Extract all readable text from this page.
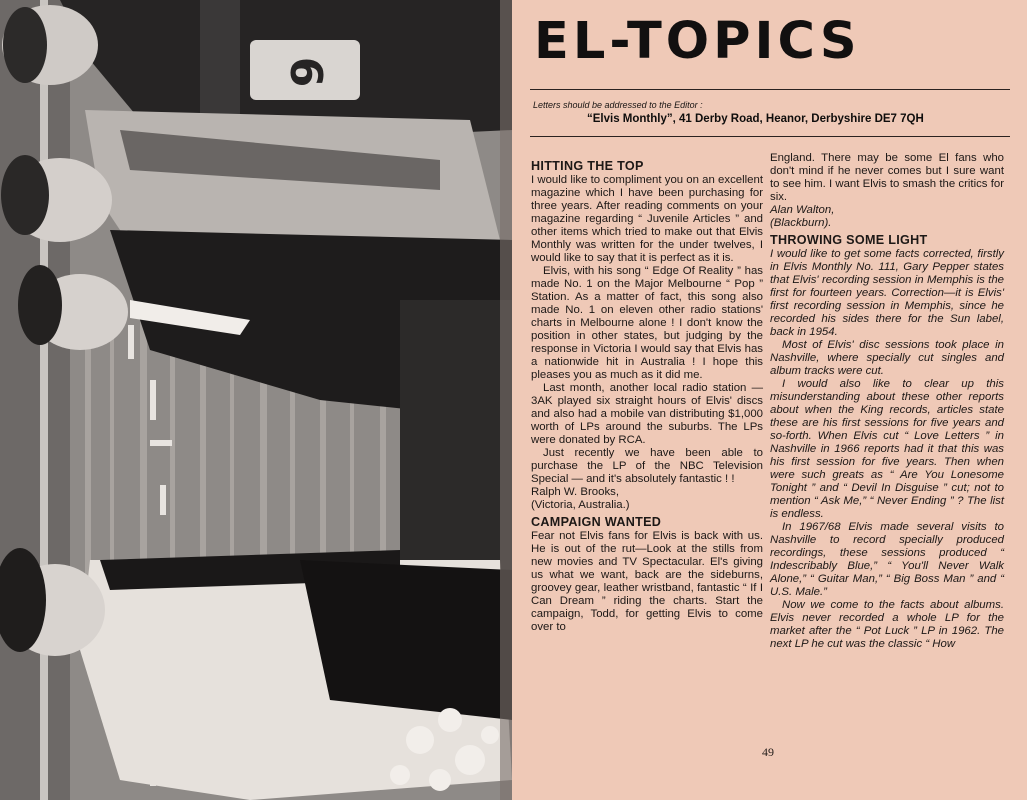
6
EL-TOPICS
Letters should be addressed to the Editor :
“Elvis Monthly”, 41 Derby Road, Heanor, Derbyshire DE7 7QH
HITTING THE TOP

I would like to compliment you on an excellent magazine which I have been purchasing for three years. After reading comments on your magazine regarding “ Juvenile Articles ” and other items which tried to make out that Elvis Monthly was written for the under twelves, I would like to say that it is perfect as it is.

Elvis, with his song “ Edge Of Reality ” has made No. 1 on the Major Melbourne “ Pop ” Station. As a matter of fact, this song also made No. 1 on eleven other radio stations' charts in Melbourne alone ! I don't know the position in other states, but judging by the response in Victoria I would say that Elvis has a nationwide hit in Australia ! I hope this pleases you as much as it did me.

Last month, another local radio station — 3AK played six straight hours of Elvis' discs and also had a mobile van distributing $1,000 worth of LPs around the suburbs. The LPs were donated by RCA.

Just recently we have been able to purchase the LP of the NBC Television Special — and it's absolutely fantastic ! !

Ralph W. Brooks,

(Victoria, Australia.)

CAMPAIGN WANTED

Fear not Elvis fans for Elvis is back with us. He is out of the rut—Look at the stills from new movies and TV Spectacular. El's giving us what we want, back are the sideburns, groovey gear, leather wristband, fantastic “ If I Can Dream ” riding the charts. Start the campaign, Todd, for getting Elvis to come over to

England. There may be some El fans who don't mind if he never comes but I sure want to see him. I want Elvis to smash the critics for six.

Alan Walton,

(Blackburn).

THROWING SOME LIGHT

I would like to get some facts corrected, firstly in Elvis Monthly No. 111, Gary Pepper states that Elvis' recording session in Memphis is the first for fourteen years. Correction—it is Elvis' first recording session in Memphis, since he recorded his sides there for the Sun label, back in 1954.

Most of Elvis' disc sessions took place in Nashville, where specially cut singles and album tracks were cut.

I would also like to clear up this misunderstanding about these other reports about when the King records, articles state these are his first sessions for five years and so-forth. When Elvis cut “ Love Letters ” in Nashville in 1966 reports had it that this was his first session for five years. Then when were such greats as “ Are You Lonesome Tonight ” and “ Devil In Disguise ” cut; not to mention “ Ask Me,” “ Never Ending ” ? The list is endless.

In 1967/68 Elvis made several visits to Nashville to record specially produced recordings, these sessions produced “ Indescribably Blue,” “ You'll Never Walk Alone,” “ Guitar Man,” “ Big Boss Man ” and “ U.S. Male.”

Now we come to the facts about albums. Elvis never recorded a whole LP for the market after the “ Pot Luck ” LP in 1962. The next LP he cut was the classic “ How

49
